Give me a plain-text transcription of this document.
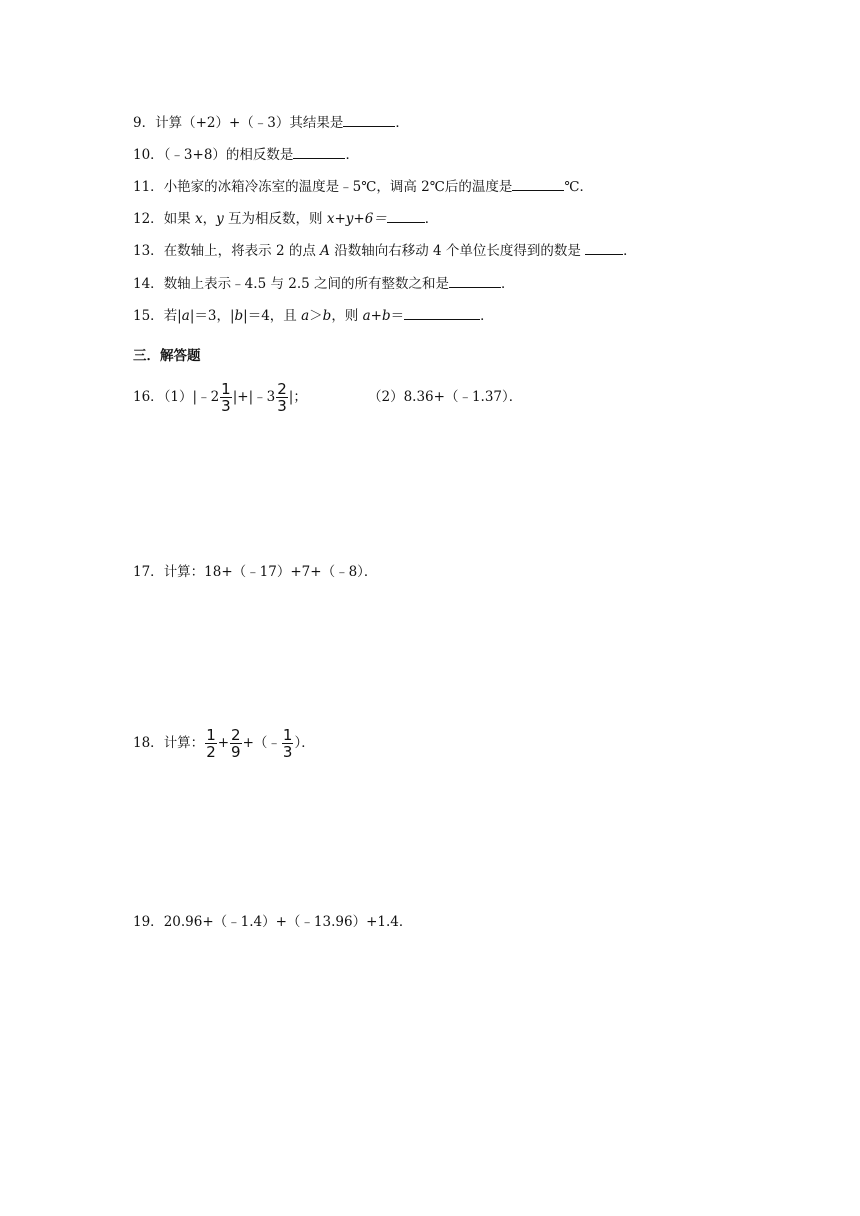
9．计算（+2）+（﹣3）其结果是	．
10．（﹣3+8）的相反数是	．
11．小艳家的冰箱冷冻室的温度是﹣5℃，调高 2℃后的温度是	℃．
12．如果 x，y 互为相反数，则 x+y+6＝	．
13．在数轴上，将表示 2 的点 A 沿数轴向右移动 4 个单位长度得到的数是	．
14．数轴上表示﹣4.5 与 2.5 之间的所有整数之和是	．
15．若|a|＝3，|b|＝4，且 a＞b，则 a+b＝	．
三．解答题
16．（1）|﹣2 $\frac{1}{3}$ |+|﹣3 $\frac{2}{3}$ |；	（2）8.36+（﹣1.37）．
17．计算：18+（﹣17）+7+（﹣8）．
18．计算： $\frac{1}{2} + \frac{2}{9}$ +（﹣ $\frac{1}{3}$ ）．
19．20.96+（﹣1.4）+（﹣13.96）+1.4．
